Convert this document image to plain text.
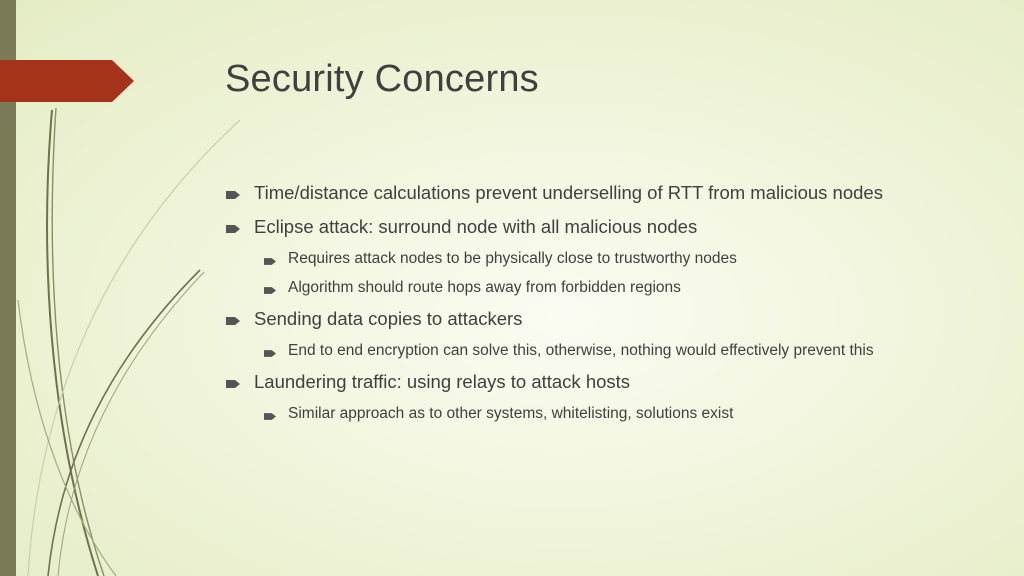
Security Concerns
Time/distance calculations prevent underselling of RTT from malicious nodes
Eclipse attack: surround node with all malicious nodes
Requires attack nodes to be physically close to trustworthy nodes
Algorithm should route hops away from forbidden regions
Sending data copies to attackers
End to end encryption can solve this, otherwise, nothing would effectively prevent this
Laundering traffic: using relays to attack hosts
Similar approach as to other systems, whitelisting, solutions exist
